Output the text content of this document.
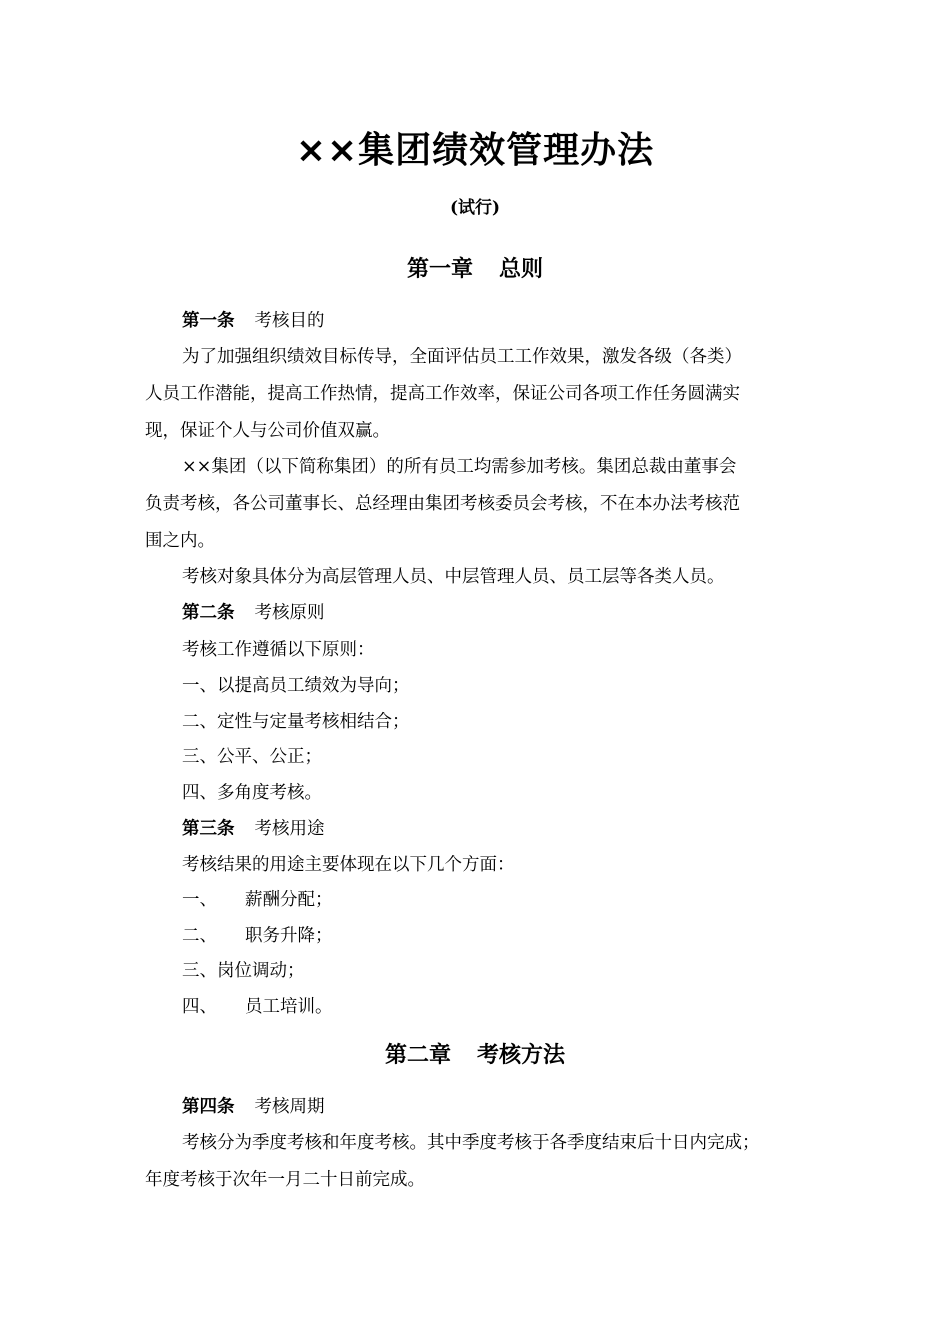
××集团绩效管理办法
(试行)
第一章 总则
第一条 考核目的
为了加强组织绩效目标传导，全面评估员工工作效果，激发各级（各类）
人员工作潜能，提高工作热情，提高工作效率，保证公司各项工作任务圆满实
现，保证个人与公司价值双赢。
××集团（以下简称集团）的所有员工均需参加考核。集团总裁由董事会
负责考核，各公司董事长、总经理由集团考核委员会考核，不在本办法考核范
围之内。
考核对象具体分为高层管理人员、中层管理人员、员工层等各类人员。
第二条 考核原则
考核工作遵循以下原则：
一、以提高员工绩效为导向；
二、定性与定量考核相结合；
三、公平、公正；
四、多角度考核。
第三条 考核用途
考核结果的用途主要体现在以下几个方面：
一、 薪酬分配；
二、 职务升降；
三、岗位调动；
四、 员工培训。
第二章 考核方法
第四条 考核周期
考核分为季度考核和年度考核。其中季度考核于各季度结束后十日内完成；
年度考核于次年一月二十日前完成。
